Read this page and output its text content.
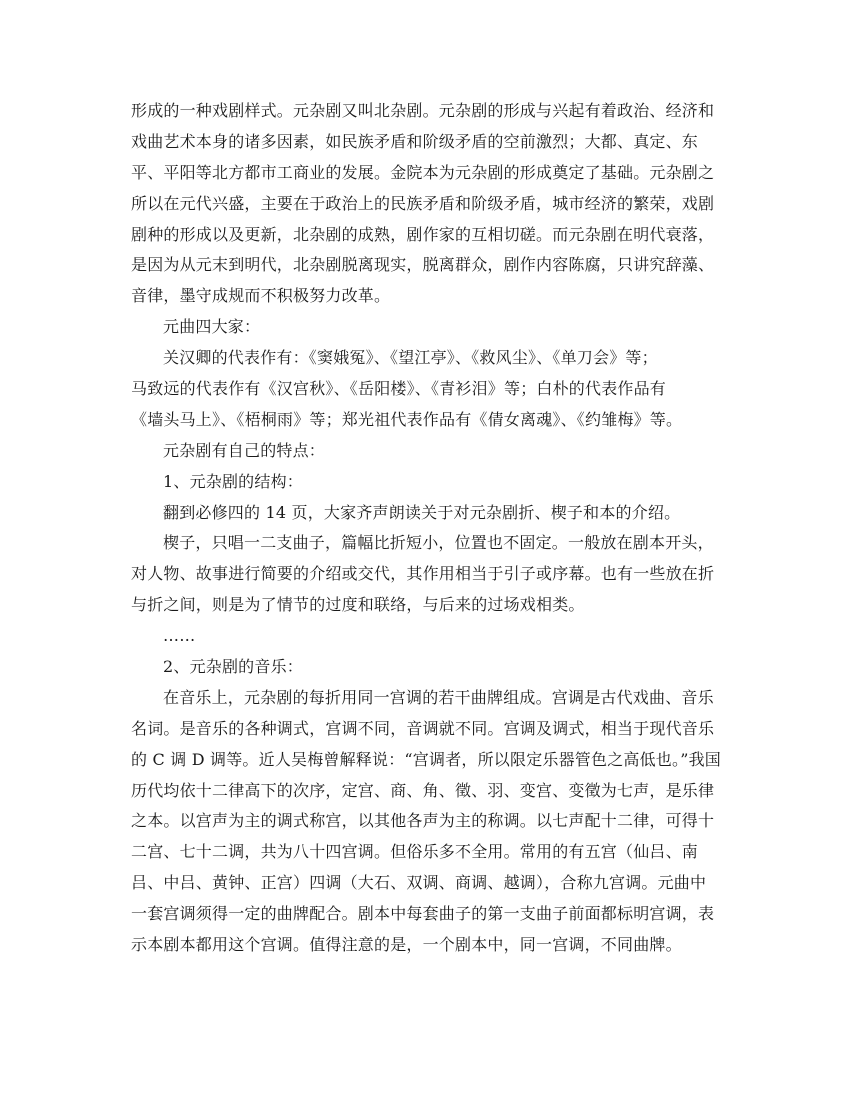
形成的一种戏剧样式。元杂剧又叫北杂剧。元杂剧的形成与兴起有着政治、经济和
戏曲艺术本身的诸多因素，如民族矛盾和阶级矛盾的空前激烈；大都、真定、东
平、平阳等北方都市工商业的发展。金院本为元杂剧的形成奠定了基础。元杂剧之
所以在元代兴盛，主要在于政治上的民族矛盾和阶级矛盾，城市经济的繁荣，戏剧
剧种的形成以及更新，北杂剧的成熟，剧作家的互相切磋。而元杂剧在明代衰落，
是因为从元末到明代，北杂剧脱离现实，脱离群众，剧作内容陈腐，只讲究辞藻、
音律，墨守成规而不积极努力改革。
元曲四大家：
关汉卿的代表作有：《窦娥冤》、《望江亭》、《救风尘》、《单刀会》等；
马致远的代表作有《汉宫秋》、《岳阳楼》、《青衫泪》等；白朴的代表作品有
《墙头马上》、《梧桐雨》等；郑光祖代表作品有《倩女离魂》、《约雏梅》等。
元杂剧有自己的特点：
1、元杂剧的结构：
翻到必修四的 14 页，大家齐声朗读关于对元杂剧折、楔子和本的介绍。
楔子，只唱一二支曲子，篇幅比折短小，位置也不固定。一般放在剧本开头，
对人物、故事进行简要的介绍或交代，其作用相当于引子或序幕。也有一些放在折
与折之间，则是为了情节的过度和联络，与后来的过场戏相类。
……
2、元杂剧的音乐：
在音乐上，元杂剧的每折用同一宫调的若干曲牌组成。宫调是古代戏曲、音乐
名词。是音乐的各种调式，宫调不同，音调就不同。宫调及调式，相当于现代音乐
的 C 调 D 调等。近人吴梅曾解释说：“宫调者，所以限定乐器管色之高低也。”我国
历代均依十二律高下的次序，定宫、商、角、徵、羽、变宫、变徵为七声，是乐律
之本。以宫声为主的调式称宫，以其他各声为主的称调。以七声配十二律，可得十
二宫、七十二调，共为八十四宫调。但俗乐多不全用。常用的有五宫（仙吕、南
吕、中吕、黄钟、正宫）四调（大石、双调、商调、越调），合称九宫调。元曲中
一套宫调须得一定的曲牌配合。剧本中每套曲子的第一支曲子前面都标明宫调，表
示本剧本都用这个宫调。值得注意的是，一个剧本中，同一宫调，不同曲牌。
